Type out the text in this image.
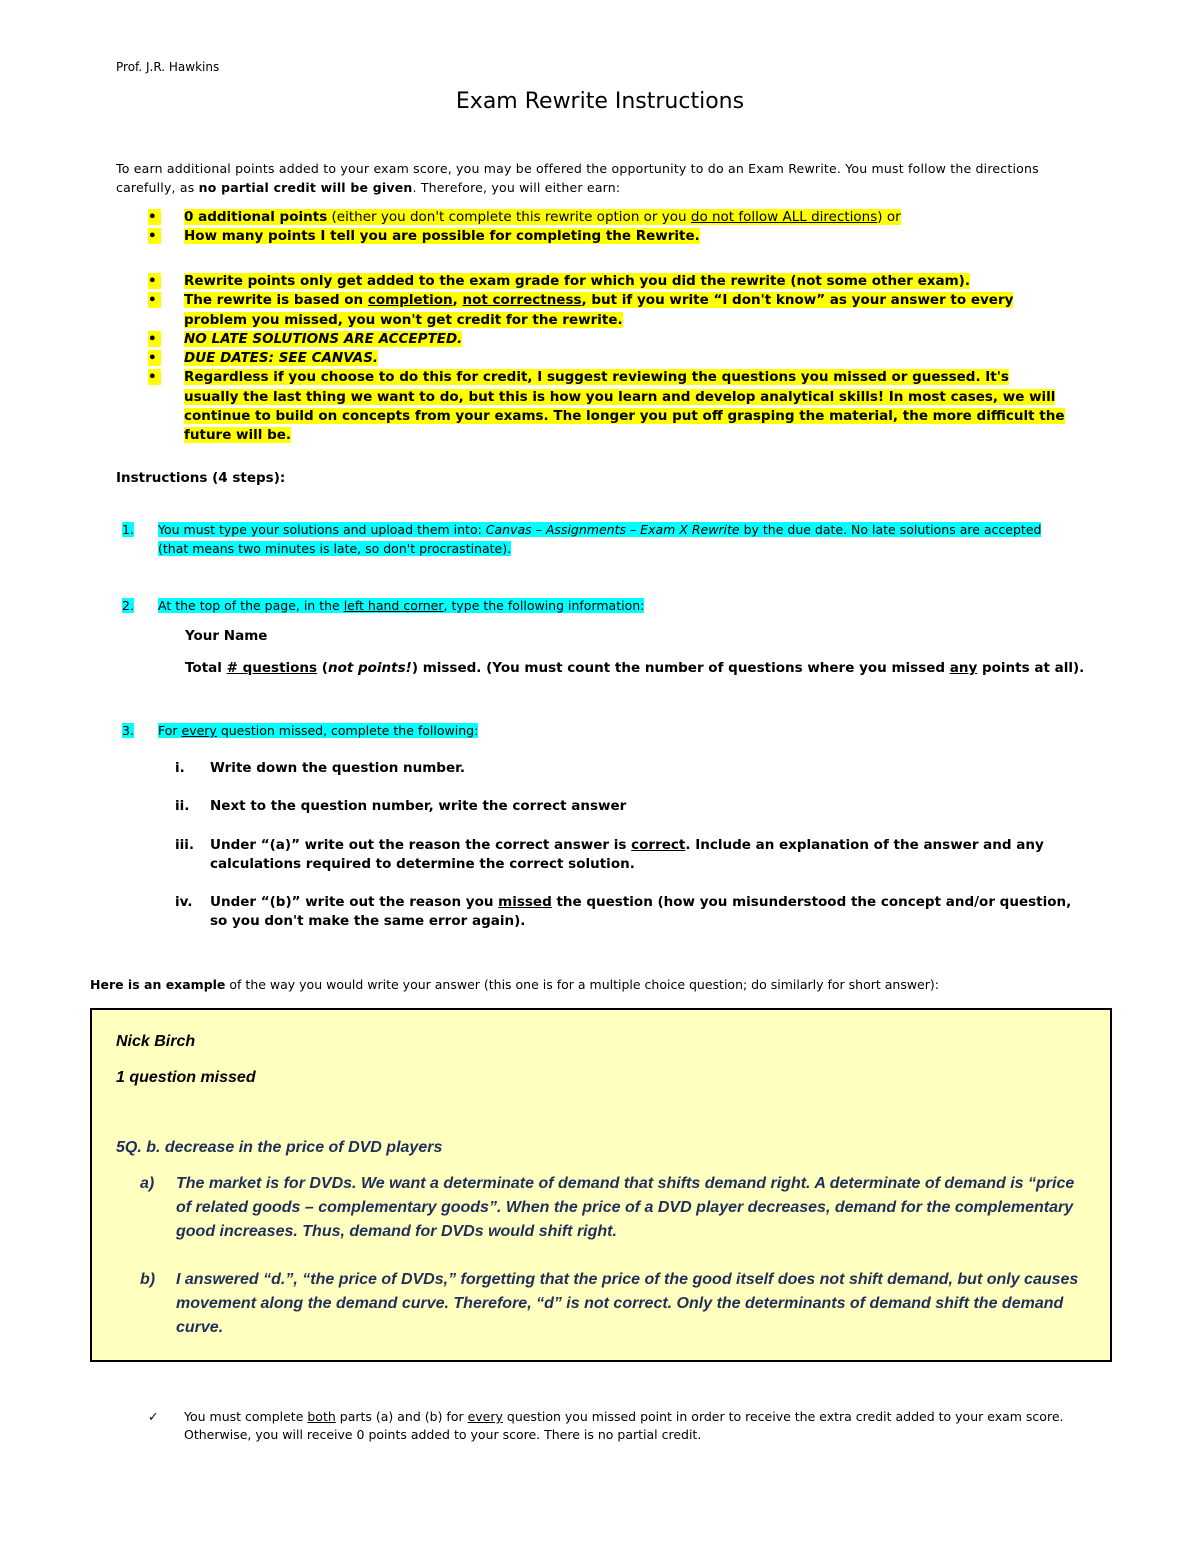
Prof. J.R. Hawkins
Exam Rewrite Instructions
To earn additional points added to your exam score, you may be offered the opportunity to do an Exam Rewrite. You must follow the directions carefully, as no partial credit will be given. Therefore, you will either earn:
•	0 additional points (either you don't complete this rewrite option or you do not follow ALL directions) or
•	How many points I tell you are possible for completing the Rewrite.
•	Rewrite points only get added to the exam grade for which you did the rewrite (not some other exam).
•	The rewrite is based on completion, not correctness, but if you write “I don't know” as your answer to every problem you missed, you won't get credit for the rewrite.
•	NO LATE SOLUTIONS ARE ACCEPTED.
•	DUE DATES: SEE CANVAS.
•	Regardless if you choose to do this for credit, I suggest reviewing the questions you missed or guessed. It's usually the last thing we want to do, but this is how you learn and develop analytical skills! In most cases, we will continue to build on concepts from your exams. The longer you put off grasping the material, the more difficult the future will be.
Instructions (4 steps):
1.	You must type your solutions and upload them into: Canvas – Assignments – Exam X Rewrite by the due date. No late solutions are accepted (that means two minutes is late, so don't procrastinate).
2.	At the top of the page, in the left hand corner, type the following information:
Your Name
Total # questions (not points!) missed. (You must count the number of questions where you missed any points at all).
3.	For every question missed, complete the following:
i.	Write down the question number.
ii.	Next to the question number, write the correct answer
iii.	Under “(a)” write out the reason the correct answer is correct. Include an explanation of the answer and any calculations required to determine the correct solution.
iv.	Under “(b)” write out the reason you missed the question (how you misunderstood the concept and/or question, so you don't make the same error again).
Here is an example of the way you would write your answer (this one is for a multiple choice question; do similarly for short answer):
Nick Birch
1 question missed
5Q. b. decrease in the price of DVD players
a)	The market is for DVDs. We want a determinate of demand that shifts demand right. A determinate of demand is “price of related goods – complementary goods”. When the price of a DVD player decreases, demand for the complementary good increases. Thus, demand for DVDs would shift right.
b)	I answered “d.”, “the price of DVDs,” forgetting that the price of the good itself does not shift demand, but only causes movement along the demand curve. Therefore, “d” is not correct. Only the determinants of demand shift the demand curve.
✓	You must complete both parts (a) and (b) for every question you missed point in order to receive the extra credit added to your exam score. Otherwise, you will receive 0 points added to your score. There is no partial credit.
